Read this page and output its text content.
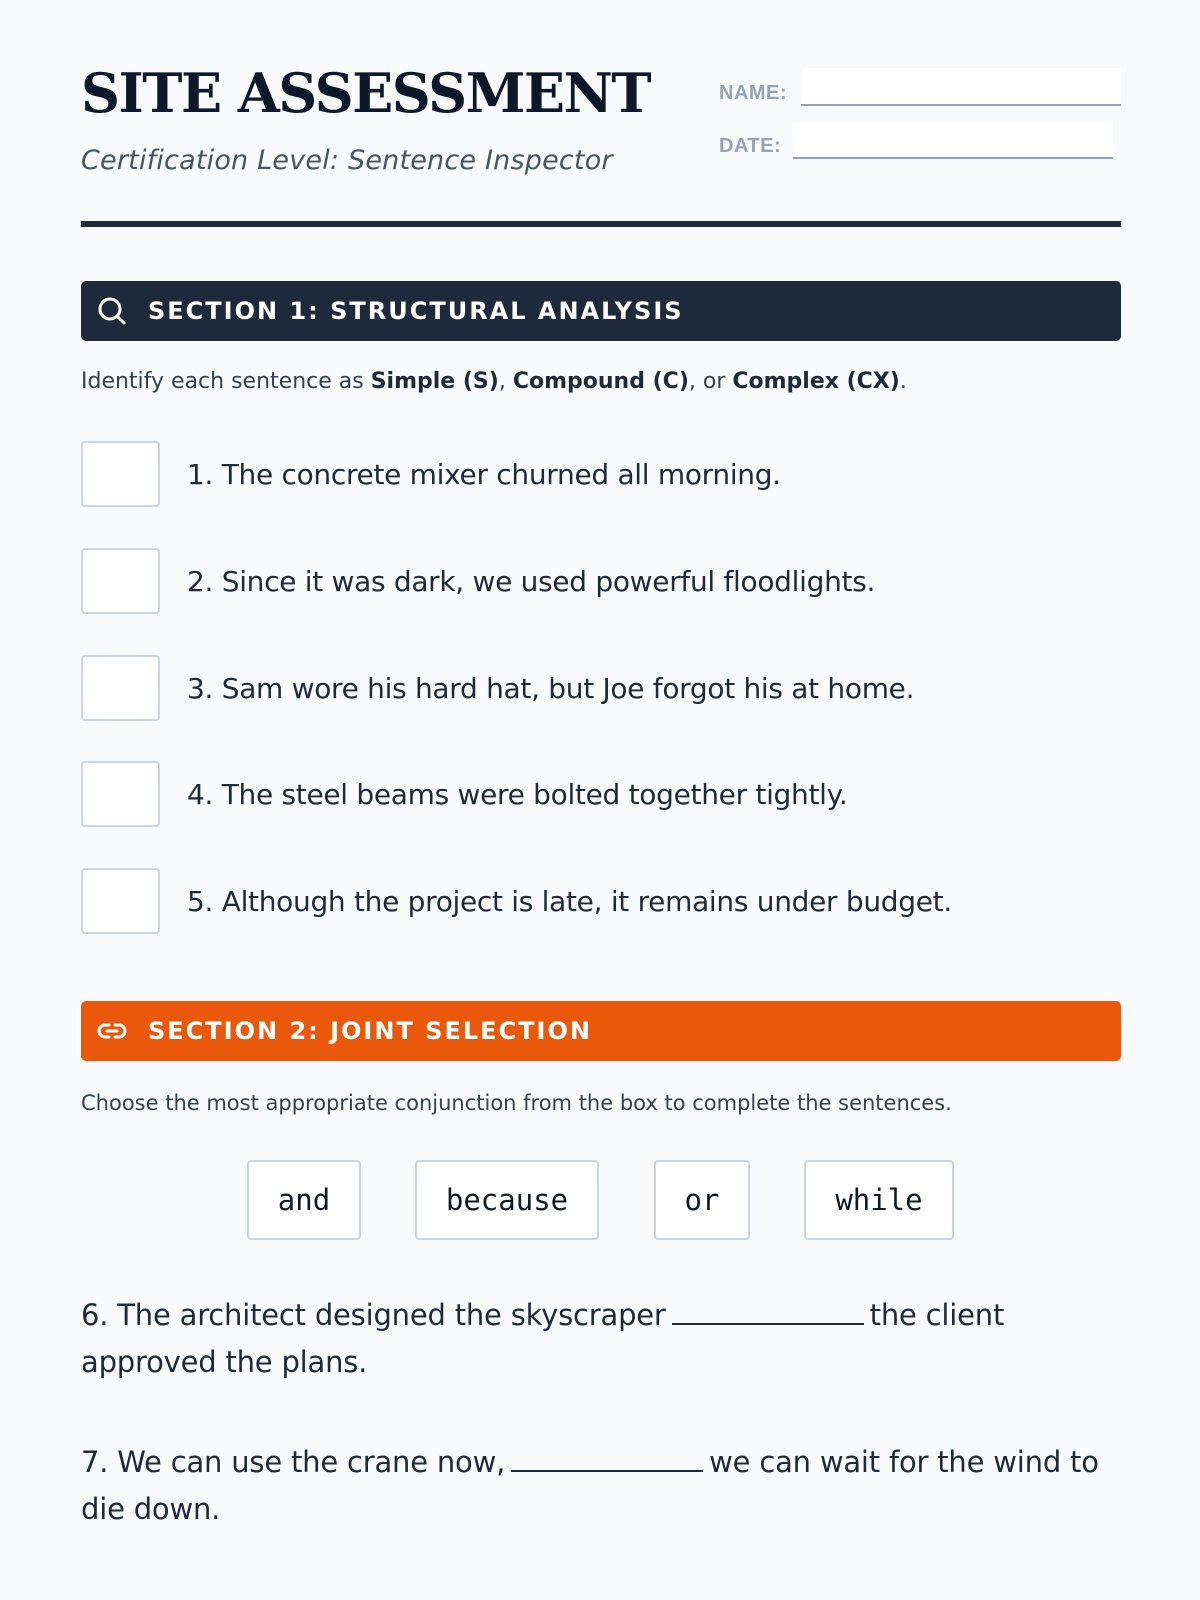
SITE ASSESSMENT

Certification Level: Sentence Inspector

NAME:
DATE:
SECTION 1: STRUCTURAL ANALYSIS
Identify each sentence as Simple (S), Compound (C), or Complex (CX).
1. The concrete mixer churned all morning.
2. Since it was dark, we used powerful floodlights.
3. Sam wore his hard hat, but Joe forgot his at home.
4. The steel beams were bolted together tightly.
5. Although the project is late, it remains under budget.
SECTION 2: JOINT SELECTION
Choose the most appropriate conjunction from the box to complete the sentences.
and	because	or	while
6. The architect designed the skyscraper	the client approved the plans.
7. We can use the crane now,	we can wait for the wind to die down.
